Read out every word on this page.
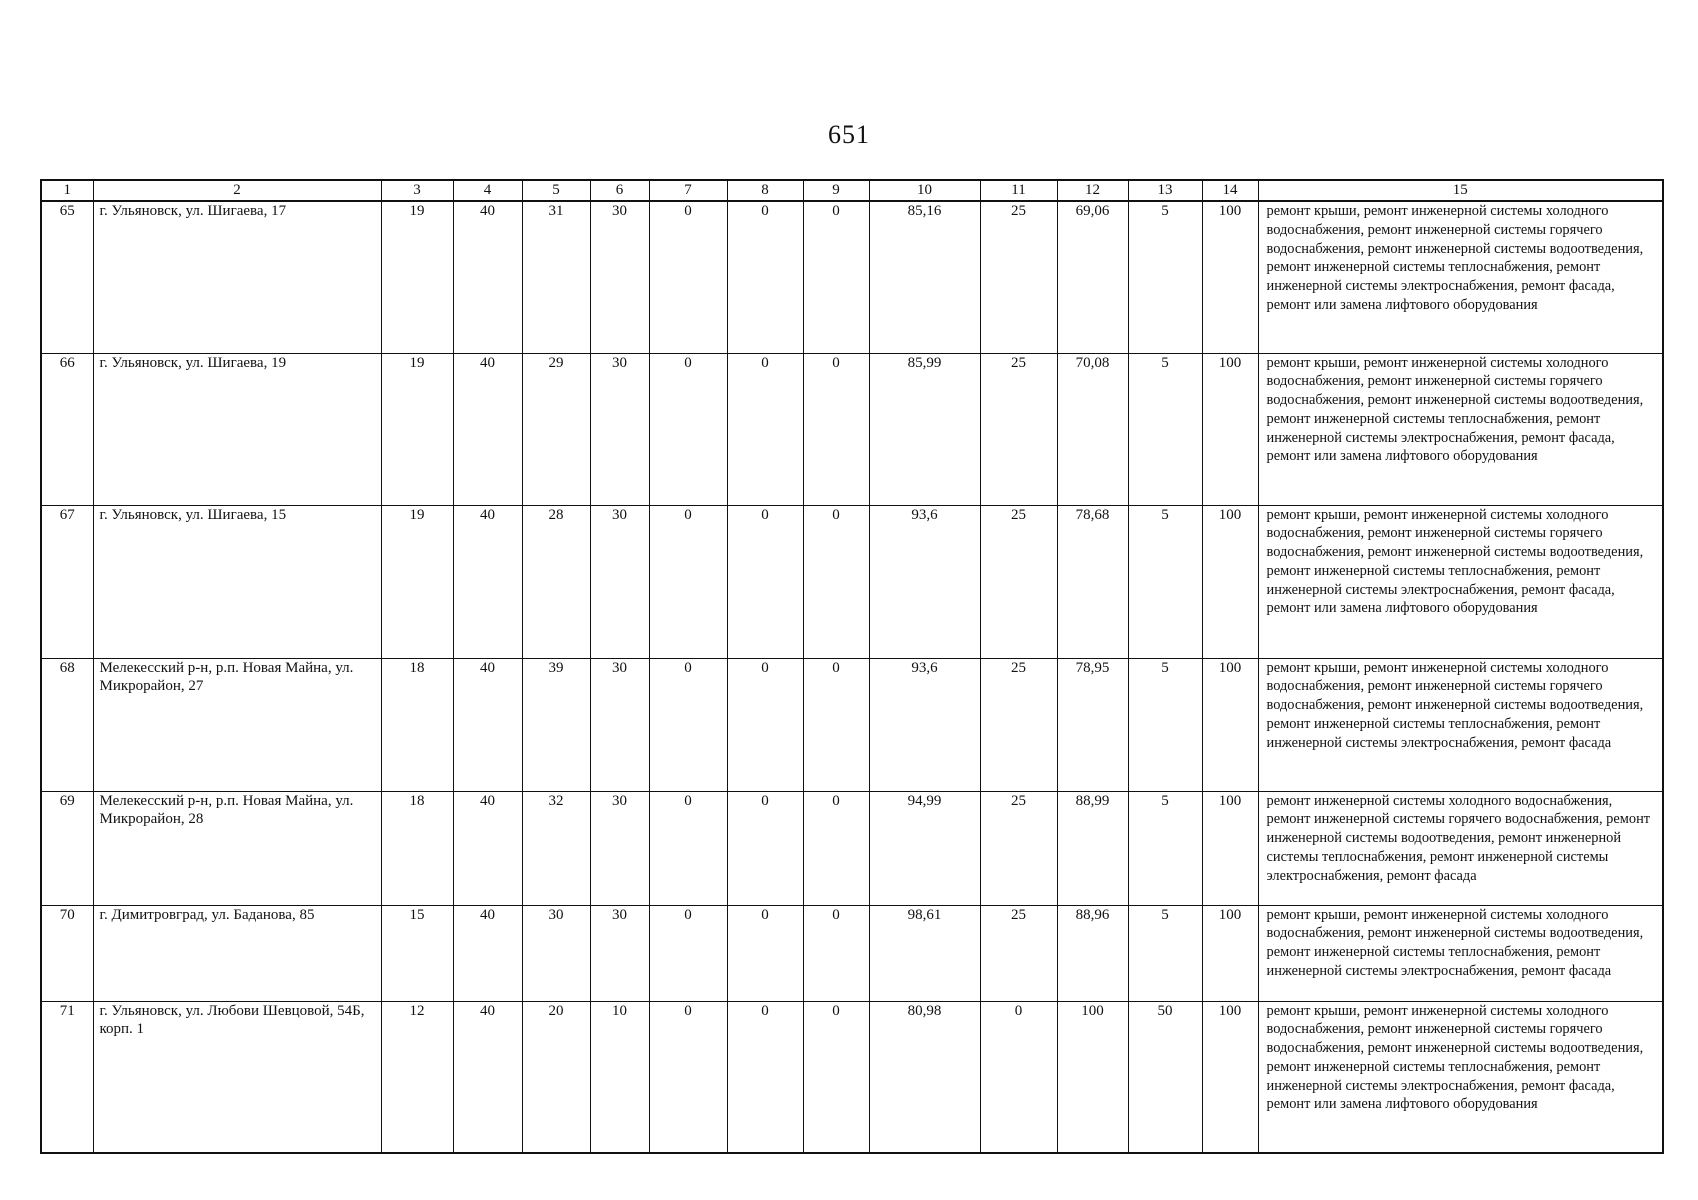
651
1	2	3	4	5	6	7	8	9	10	11	12	13	14	15
65	г. Ульяновск, ул. Шигаева, 17	19	40	31	30	0	0	0	85,16	25	69,06	5	100	ремонт крыши, ремонт инженерной системы холодного водоснабжения, ремонт инженерной системы горячего водоснабжения, ремонт инженерной системы водоотведения, ремонт инженерной системы теплоснабжения, ремонт инженерной системы электроснабжения, ремонт фасада, ремонт или замена лифтового оборудования
66	г. Ульяновск, ул. Шигаева, 19	19	40	29	30	0	0	0	85,99	25	70,08	5	100	ремонт крыши, ремонт инженерной системы холодного водоснабжения, ремонт инженерной системы горячего водоснабжения, ремонт инженерной системы водоотведения, ремонт инженерной системы теплоснабжения, ремонт инженерной системы электроснабжения, ремонт фасада, ремонт или замена лифтового оборудования
67	г. Ульяновск, ул. Шигаева, 15	19	40	28	30	0	0	0	93,6	25	78,68	5	100	ремонт крыши, ремонт инженерной системы холодного водоснабжения, ремонт инженерной системы горячего водоснабжения, ремонт инженерной системы водоотведения, ремонт инженерной системы теплоснабжения, ремонт инженерной системы электроснабжения, ремонт фасада, ремонт или замена лифтового оборудования
68	Мелекесский р-н, р.п. Новая Майна, ул. Микрорайон, 27	18	40	39	30	0	0	0	93,6	25	78,95	5	100	ремонт крыши, ремонт инженерной системы холодного водоснабжения, ремонт инженерной системы горячего водоснабжения, ремонт инженерной системы водоотведения, ремонт инженерной системы теплоснабжения, ремонт инженерной системы электроснабжения, ремонт фасада
69	Мелекесский р-н, р.п. Новая Майна, ул. Микрорайон, 28	18	40	32	30	0	0	0	94,99	25	88,99	5	100	ремонт инженерной системы холодного водоснабжения, ремонт инженерной системы горячего водоснабжения, ремонт инженерной системы водоотведения, ремонт инженерной системы теплоснабжения, ремонт инженерной системы электроснабжения, ремонт фасада
70	г. Димитровград, ул. Баданова, 85	15	40	30	30	0	0	0	98,61	25	88,96	5	100	ремонт крыши, ремонт инженерной системы холодного водоснабжения, ремонт инженерной системы водоотведения, ремонт инженерной системы теплоснабжения, ремонт инженерной системы электроснабжения, ремонт фасада
71	г. Ульяновск, ул. Любови Шевцовой, 54Б, корп. 1	12	40	20	10	0	0	0	80,98	0	100	50	100	ремонт крыши, ремонт инженерной системы холодного водоснабжения, ремонт инженерной системы горячего водоснабжения, ремонт инженерной системы водоотведения, ремонт инженерной системы теплоснабжения, ремонт инженерной системы электроснабжения, ремонт фасада, ремонт или замена лифтового оборудования
